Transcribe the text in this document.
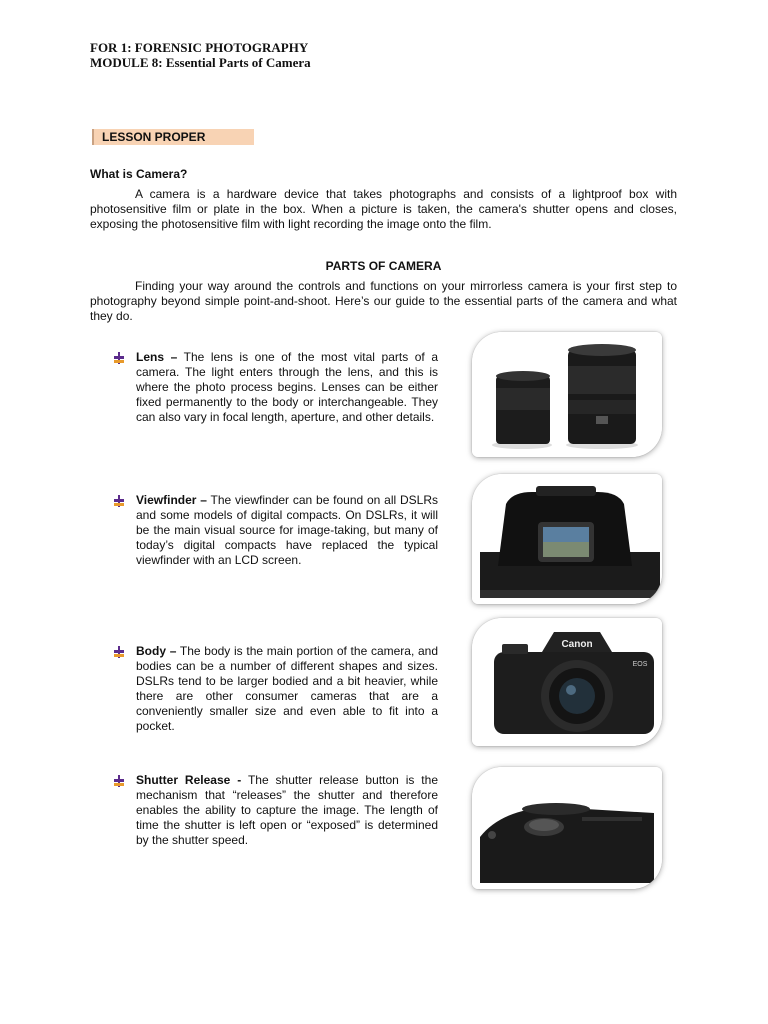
FOR 1: FORENSIC PHOTOGRAPHY
MODULE 8: Essential Parts of Camera
LESSON PROPER
What is Camera?

A camera is a hardware device that takes photographs and consists of a lightproof box with photosensitive film or plate in the box. When a picture is taken, the camera's shutter opens and closes, exposing the photosensitive film with light recording the image onto the film.

PARTS OF CAMERA

Finding your way around the controls and functions on your mirrorless camera is your first step to photography beyond simple point-and-shoot. Here’s our guide to the essential parts of the camera and what they do.

Lens – The lens is one of the most vital parts of a camera. The light enters through the lens, and this is where the photo process begins. Lenses can be either fixed permanently to the body or interchangeable. They can also vary in focal length, aperture, and other details.
Viewfinder – The viewfinder can be found on all DSLRs and some models of digital compacts. On DSLRs, it will be the main visual source for image-taking, but many of today’s digital compacts have replaced the typical viewfinder with an LCD screen.
Body – The body is the main portion of the camera, and bodies can be a number of different shapes and sizes. DSLRs tend to be larger bodied and a bit heavier, while there are other consumer cameras that are a conveniently smaller size and even able to fit into a pocket.
Canon
EOS
Shutter Release - The shutter release button is the mechanism that “releases” the shutter and therefore enables the ability to capture the image. The length of time the shutter is left open or “exposed” is determined by the shutter speed.
